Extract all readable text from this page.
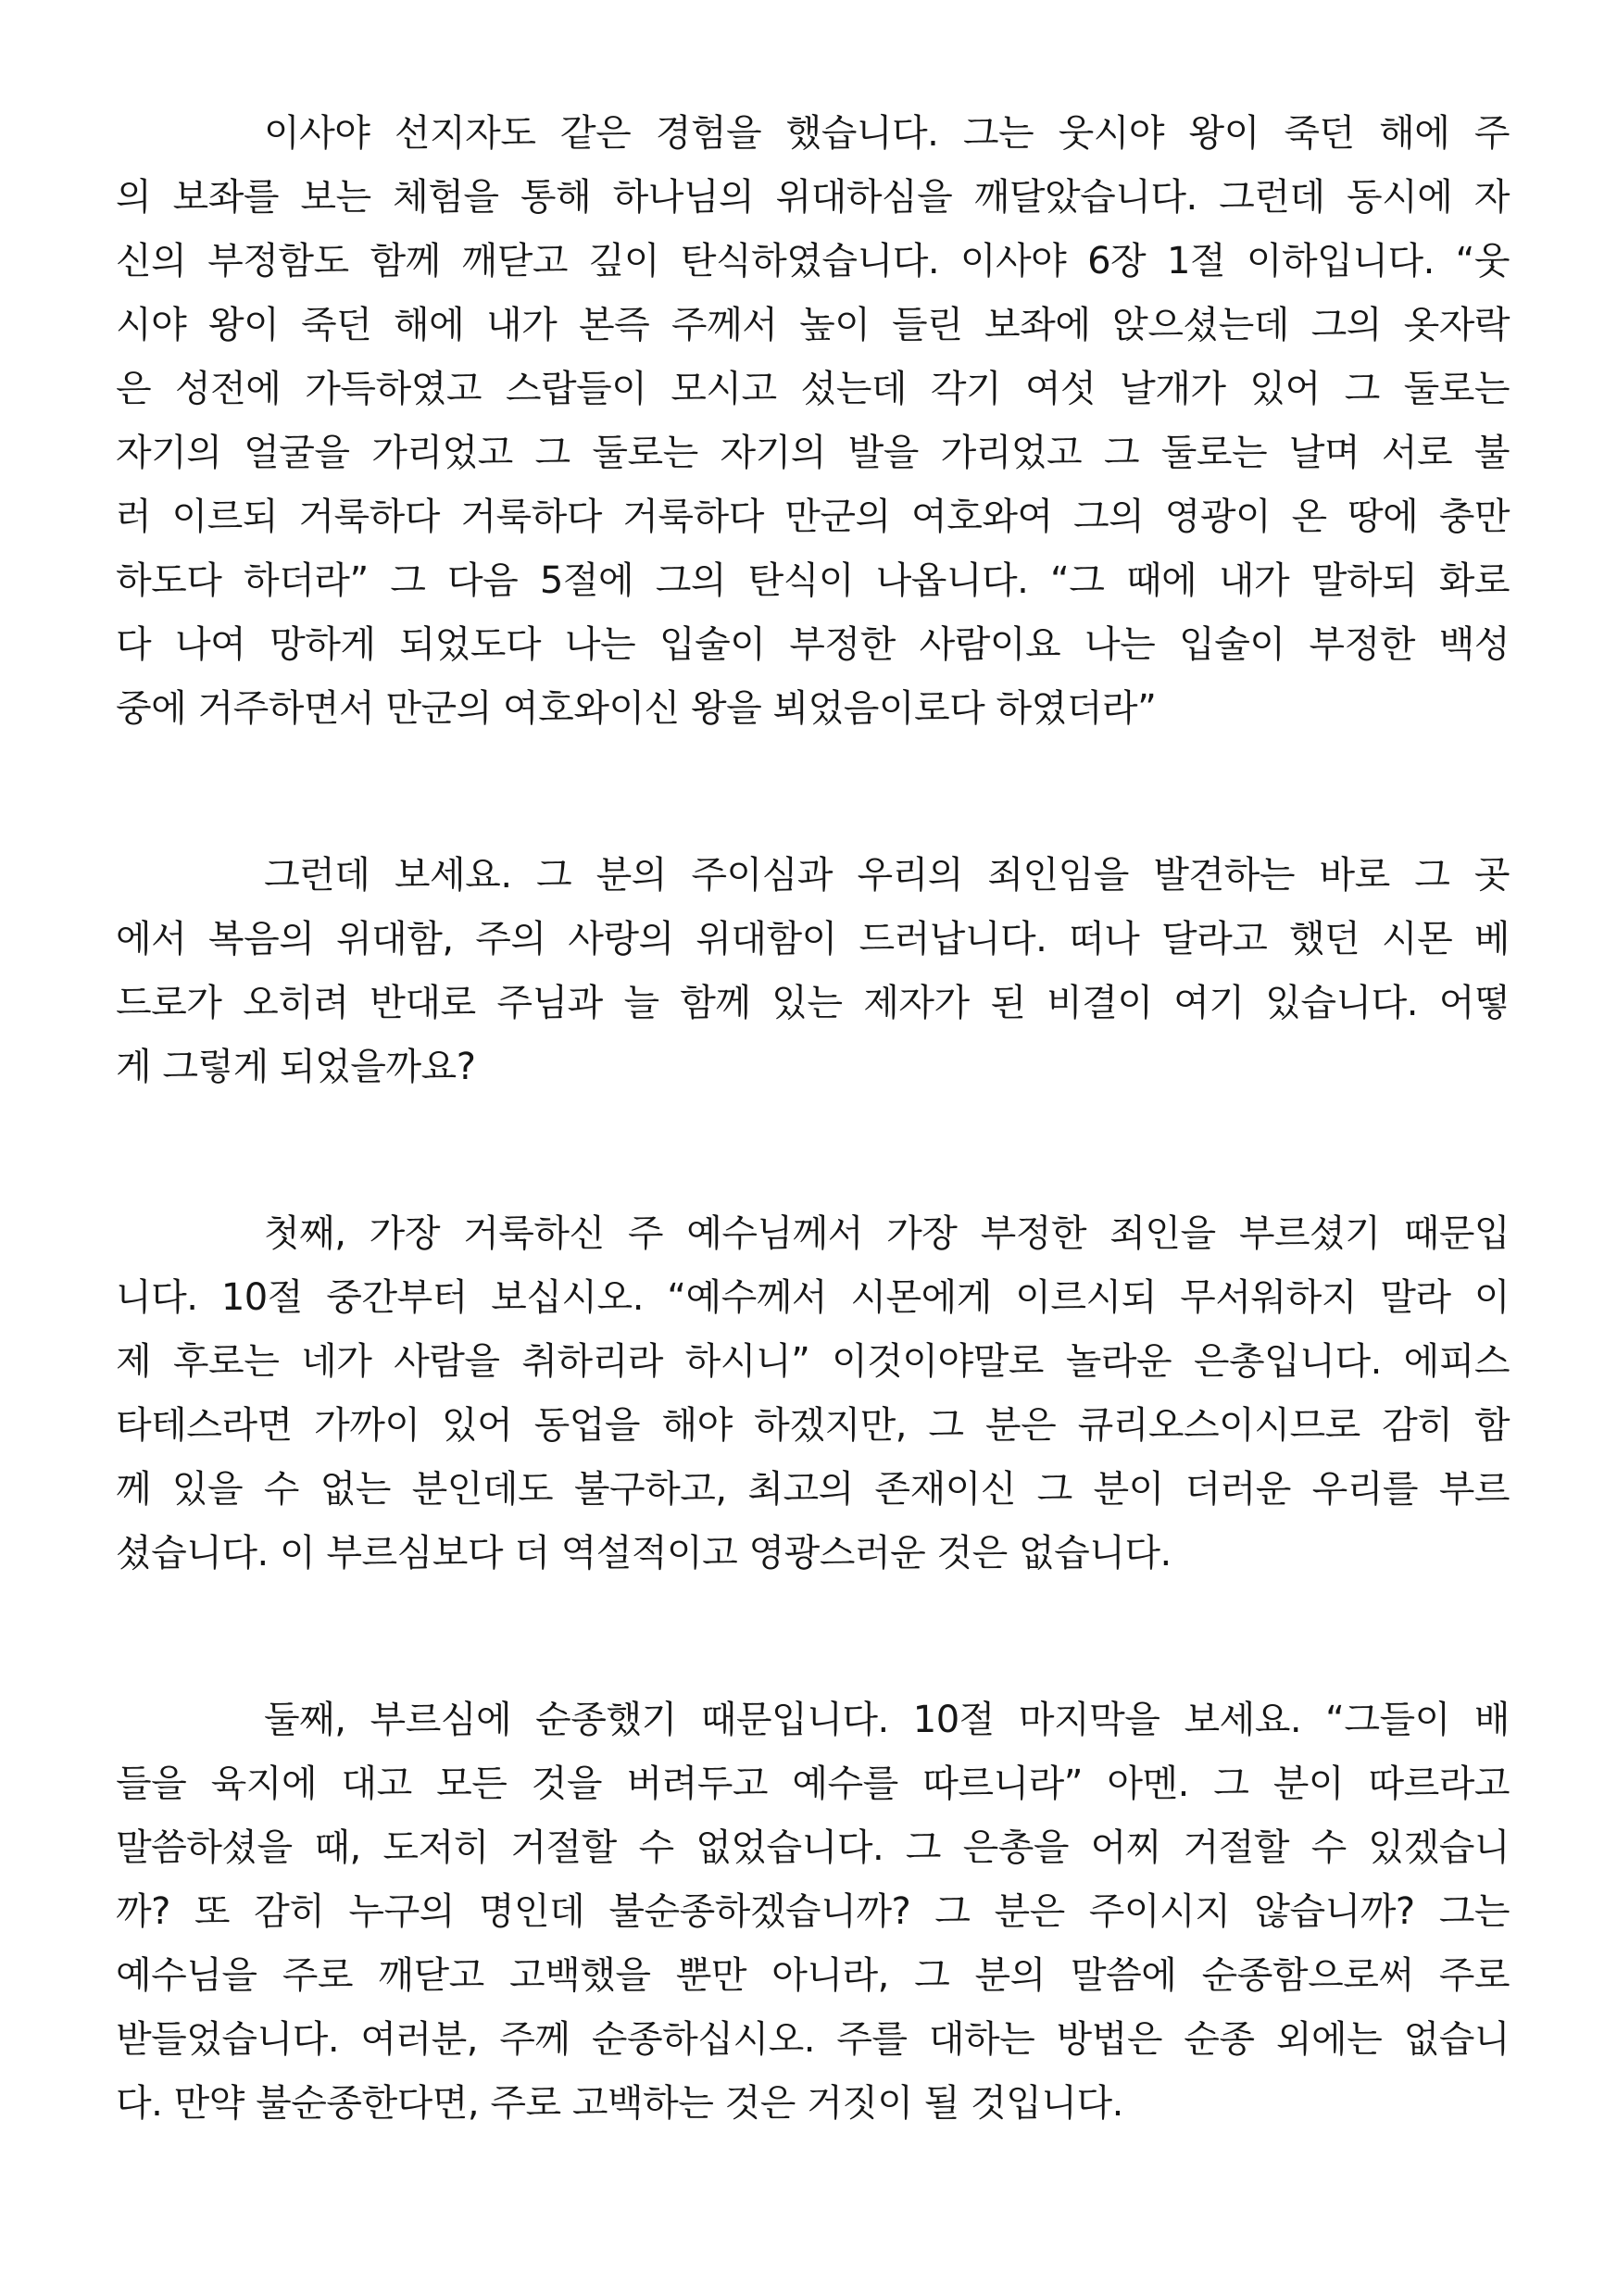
이사야 선지자도 같은 경험을 했습니다. 그는 웃시야 왕이 죽던 해에 주
의 보좌를 보는 체험을 통해 하나님의 위대하심을 깨달았습니다. 그런데 동시에 자
신의 부정함도 함께 깨닫고 깊이 탄식하였습니다. 이사야 6장 1절 이하입니다. “웃
시야 왕이 죽던 해에 내가 본즉 주께서 높이 들린 보좌에 앉으셨는데 그의 옷자락
은 성전에 가득하였고 스랍들이 모시고 섰는데 각기 여섯 날개가 있어 그 둘로는
자기의 얼굴을 가리었고 그 둘로는 자기의 발을 가리었고 그 둘로는 날며 서로 불
러 이르되 거룩하다 거룩하다 거룩하다 만군의 여호와여 그의 영광이 온 땅에 충만
하도다 하더라” 그 다음 5절에 그의 탄식이 나옵니다. “그 때에 내가 말하되 화로
다 나여 망하게 되었도다 나는 입술이 부정한 사람이요 나는 입술이 부정한 백성
중에 거주하면서 만군의 여호와이신 왕을 뵈었음이로다 하였더라”
그런데 보세요. 그 분의 주이심과 우리의 죄인임을 발견하는 바로 그 곳
에서 복음의 위대함, 주의 사랑의 위대함이 드러납니다. 떠나 달라고 했던 시몬 베
드로가 오히려 반대로 주님과 늘 함께 있는 제자가 된 비결이 여기 있습니다. 어떻
게 그렇게 되었을까요?
첫째, 가장 거룩하신 주 예수님께서 가장 부정한 죄인을 부르셨기 때문입
니다. 10절 중간부터 보십시오. “예수께서 시몬에게 이르시되 무서워하지 말라 이
제 후로는 네가 사람을 취하리라 하시니” 이것이야말로 놀라운 은총입니다. 에피스
타테스라면 가까이 있어 동업을 해야 하겠지만, 그 분은 큐리오스이시므로 감히 함
께 있을 수 없는 분인데도 불구하고, 최고의 존재이신 그 분이 더러운 우리를 부르
셨습니다. 이 부르심보다 더 역설적이고 영광스러운 것은 없습니다.
둘째, 부르심에 순종했기 때문입니다. 10절 마지막을 보세요. “그들이 배
들을 육지에 대고 모든 것을 버려두고 예수를 따르니라” 아멘. 그 분이 따르라고
말씀하셨을 때, 도저히 거절할 수 없었습니다. 그 은총을 어찌 거절할 수 있겠습니
까? 또 감히 누구의 명인데 불순종하겠습니까? 그 분은 주이시지 않습니까? 그는
예수님을 주로 깨닫고 고백했을 뿐만 아니라, 그 분의 말씀에 순종함으로써 주로
받들었습니다. 여러분, 주께 순종하십시오. 주를 대하는 방법은 순종 외에는 없습니
다. 만약 불순종한다면, 주로 고백하는 것은 거짓이 될 것입니다.
